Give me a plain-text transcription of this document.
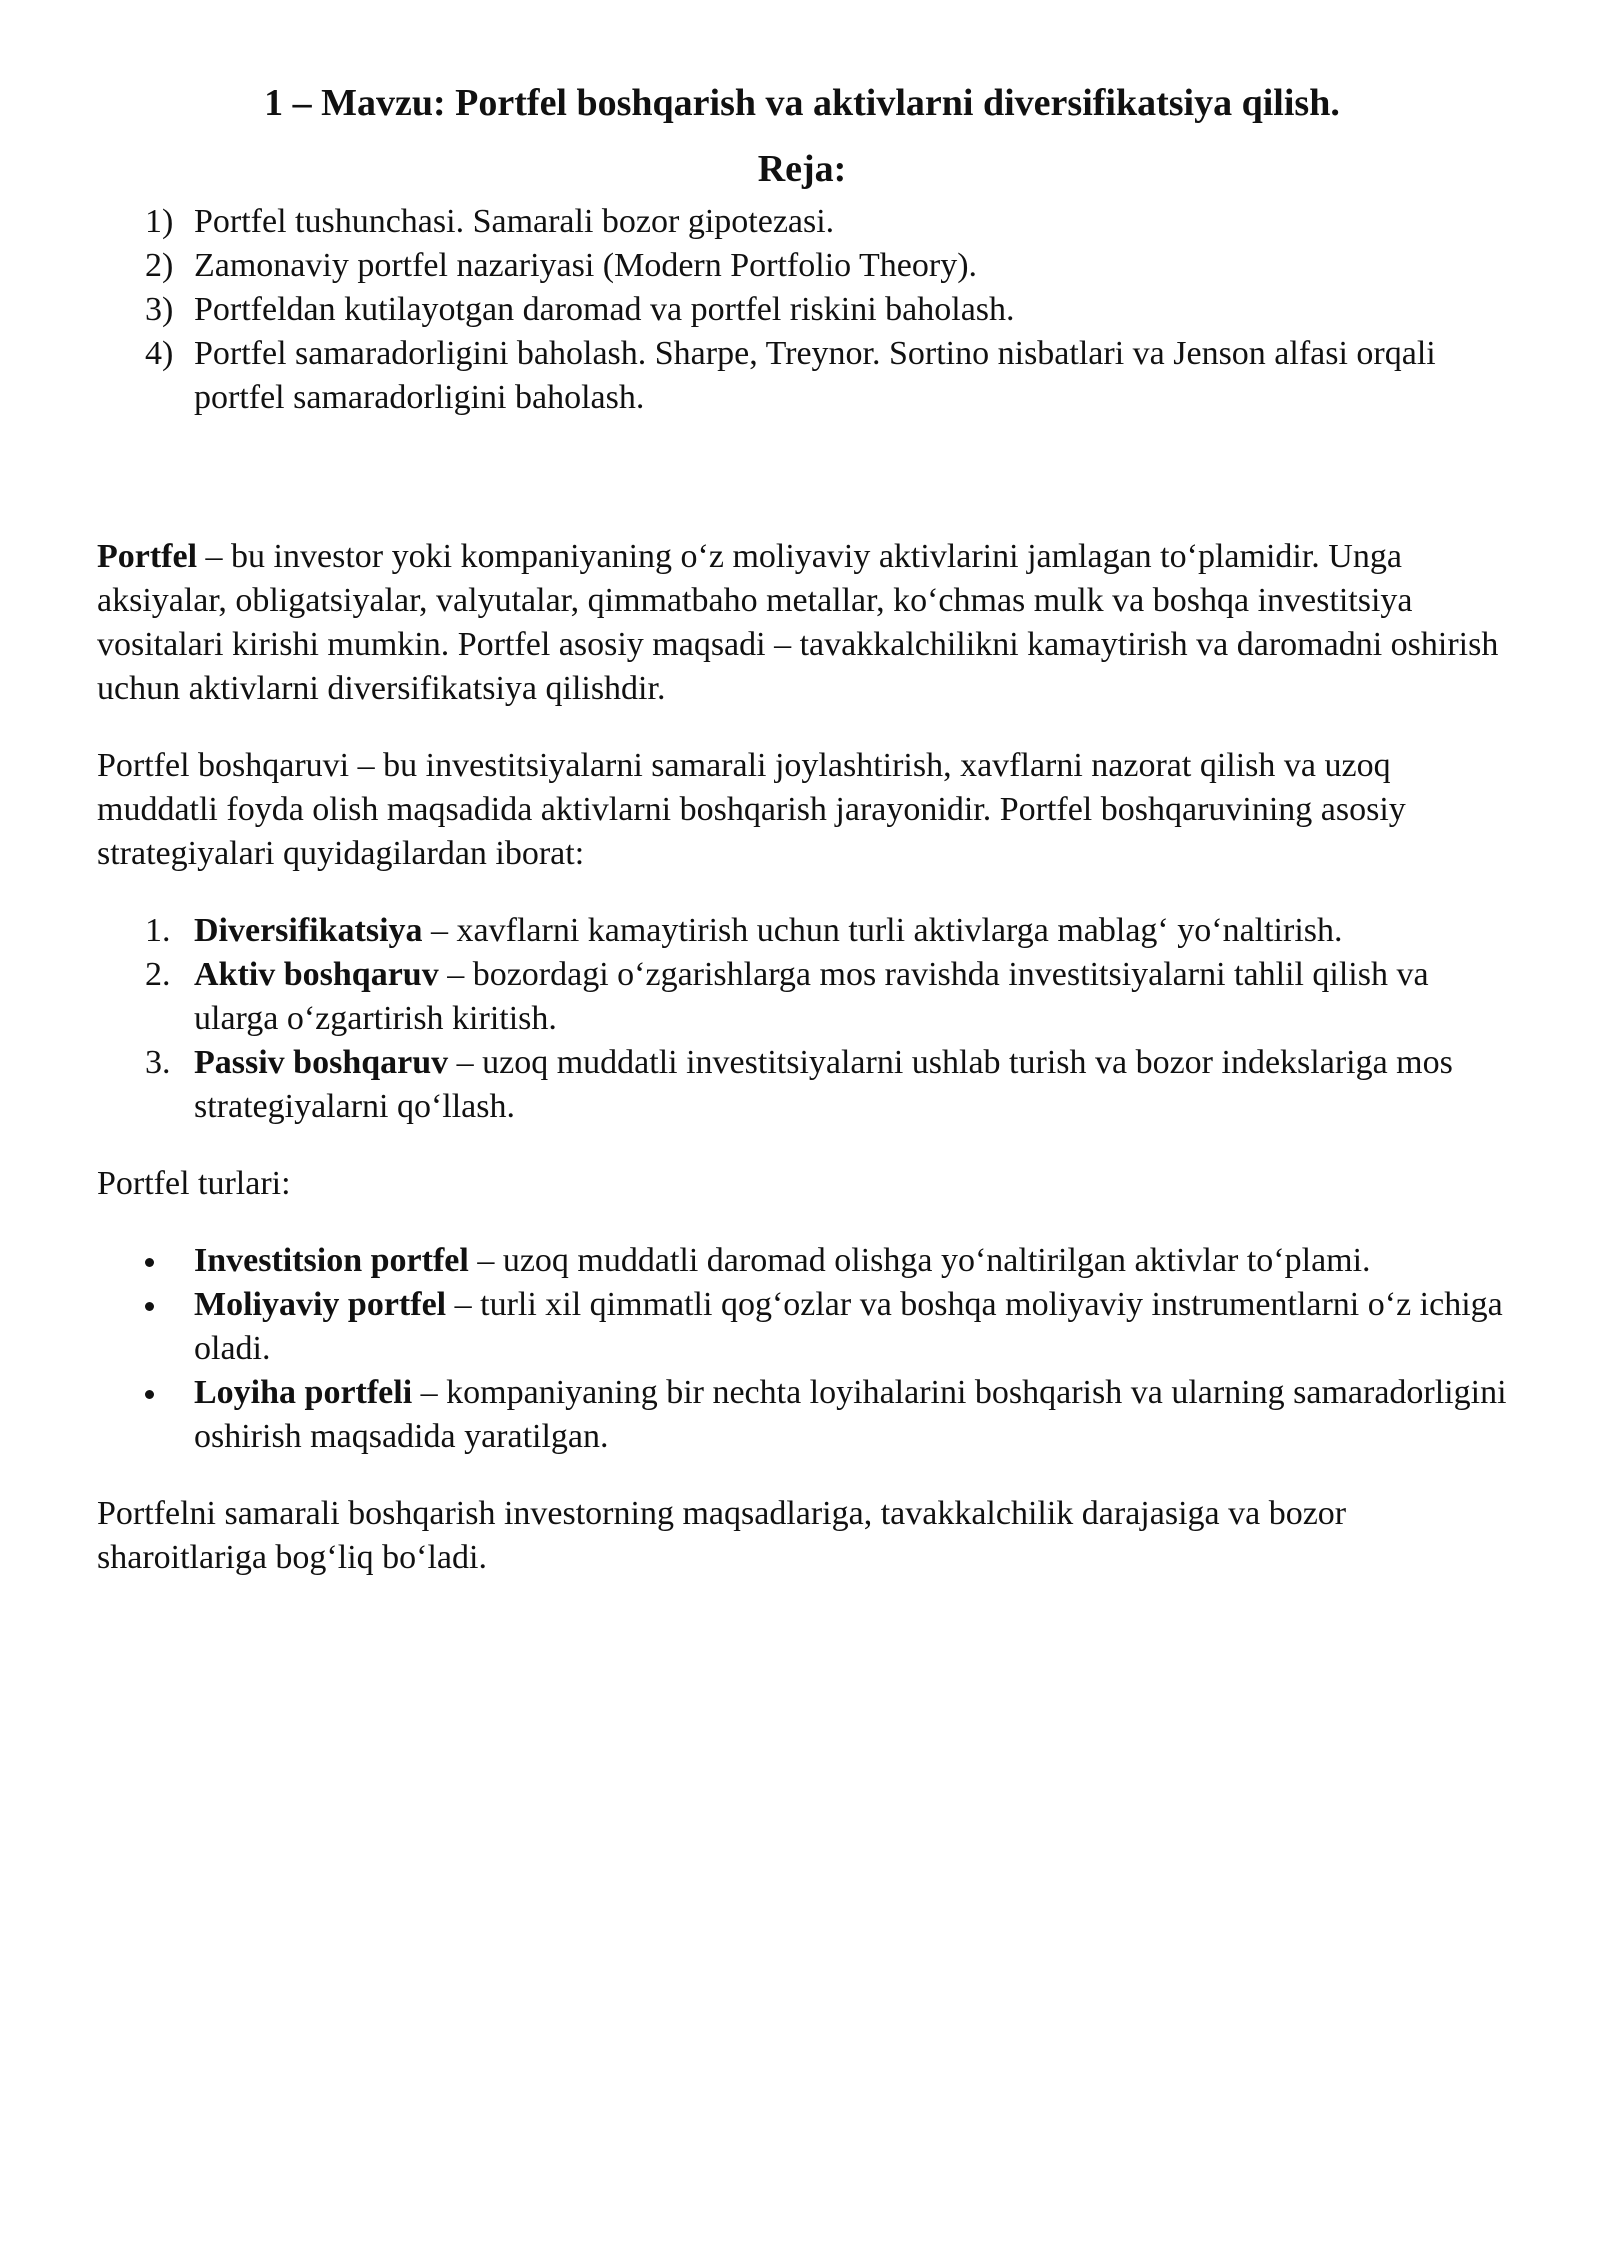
1 – Mavzu: Portfel boshqarish va aktivlarni diversifikatsiya qilish.
Reja:
1) Portfel tushunchasi. Samarali bozor gipotezasi.
2) Zamonaviy portfel nazariyasi (Modern Portfolio Theory).
3) Portfeldan kutilayotgan daromad va portfel riskini baholash.
4) Portfel samaradorligini baholash. Sharpe, Treynor. Sortino nisbatlari va Jenson alfasi orqali portfel samaradorligini baholash.

Portfel – bu investor yoki kompaniyaning o‘z moliyaviy aktivlarini jamlagan to‘plamidir. Unga aksiyalar, obligatsiyalar, valyutalar, qimmatbaho metallar, ko‘chmas mulk va boshqa investitsiya vositalari kirishi mumkin. Portfel asosiy maqsadi – tavakkalchilikni kamaytirish va daromadni oshirish uchun aktivlarni diversifikatsiya qilishdir.

Portfel boshqaruvi – bu investitsiyalarni samarali joylashtirish, xavflarni nazorat qilish va uzoq muddatli foyda olish maqsadida aktivlarni boshqarish jarayonidir. Portfel boshqaruvining asosiy strategiyalari quyidagilardan iborat:

1. Diversifikatsiya – xavflarni kamaytirish uchun turli aktivlarga mablag‘ yo‘naltirish.
2. Aktiv boshqaruv – bozordagi o‘zgarishlarga mos ravishda investitsiyalarni tahlil qilish va ularga o‘zgartirish kiritish.
3. Passiv boshqaruv – uzoq muddatli investitsiyalarni ushlab turish va bozor indekslariga mos strategiyalarni qo‘llash.

Portfel turlari:

Investitsion portfel – uzoq muddatli daromad olishga yo‘naltirilgan aktivlar to‘plami.
Moliyaviy portfel – turli xil qimmatli qog‘ozlar va boshqa moliyaviy instrumentlarni o‘z ichiga oladi.
Loyiha portfeli – kompaniyaning bir nechta loyihalarini boshqarish va ularning samaradorligini oshirish maqsadida yaratilgan.

Portfelni samarali boshqarish investorning maqsadlariga, tavakkalchilik darajasiga va bozor sharoitlariga bog‘liq bo‘ladi.
